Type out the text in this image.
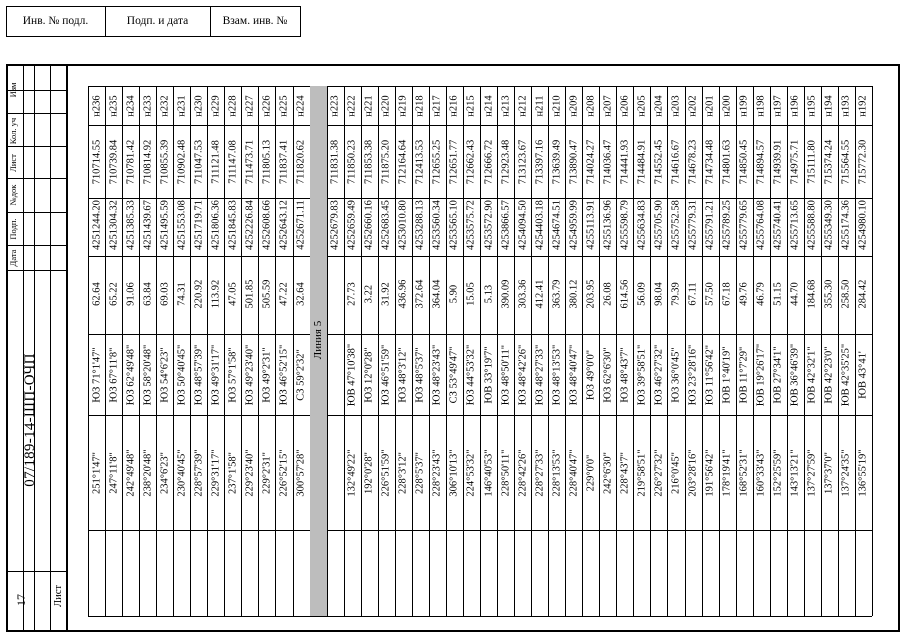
Инв. № подл.	Подп. и дата	Взам. инв. №
Изм
Кол. уч
Лист
№док
Подп.
Дата
07/189-14-ШП-ОЧП
Лист
17
н192
715772.30
4254980.10
284.42
ЮВ 43°41'
136°55'19"
н193
715564.55
4255174.36
258.50
ЮВ 42°35'25"
137°24'35"
н194
715374.24
4255349.30
355.30
ЮВ 42°23'0"
137°37'0"
н195
715111.80
4255588.80
184.68
ЮВ 42°32'1"
137°27'59"
н196
714975.71
4255713.65
44.70
ЮВ 36°46'39"
143°13'21"
н197
714939.91
4255740.41
51.15
ЮВ 27°34'1"
152°25'59"
н198
714894.57
4255764.08
46.79
ЮВ 19°26'17"
160°33'43"
н199
714850.45
4255779.65
49.76
ЮВ 11°7'29"
168°52'31"
н200
714801.63
4255789.25
67.18
ЮВ 1°40'19"
178°19'41"
н201
714734.48
4255791.21
57.50
ЮЗ 11°56'42"
191°56'42"
н202
714678.23
4255779.31
67.11
ЮЗ 23°28'16"
203°28'16"
н203
714616.67
4255752.58
79.39
ЮЗ 36°0'45"
216°0'45"
н204
714552.45
4255705.90
98.04
ЮЗ 46°27'32"
226°27'32"
н205
714484.91
4255634.83
56.09
ЮЗ 39°58'51"
219°58'51"
н206
714441.93
4255598.79
614.56
ЮЗ 48°43'7"
228°43'7"
н207
714036.47
4255136.96
26.08
ЮЗ 62°6'30"
242°6'30"
н208
714024.27
4255113.91
203.95
ЮЗ 49°0'0"
229°0'0"
н209
713890.47
4254959.99
380.12
ЮЗ 48°40'47"
228°40'47"
н210
713639.49
4254674.51
363.79
ЮЗ 48°13'53"
228°13'53"
н211
713397.16
4254403.18
412.41
ЮЗ 48°27'33"
228°27'33"
н212
713123.67
4254094.50
303.36
ЮЗ 48°42'26"
228°42'26"
н213
712923.48
4253866.57
390.09
ЮЗ 48°50'11"
228°50'11"
н214
712666.72
4253572.90
5.13
ЮВ 33°19'7"
146°40'53"
н215
712662.43
4253575.72
15.05
ЮЗ 44°53'32"
224°53'32"
н216
712651.77
4253565.10
5.90
СЗ 53°49'47"
306°10'13"
н217
712655.25
4253560.34
364.04
ЮЗ 48°23'43"
228°23'43"
н218
712413.53
4253288.13
372.64
ЮЗ 48°5'37"
228°5'37"
н219
712164.64
4253010.80
436.96
ЮЗ 48°3'12"
228°3'12"
н220
711875.20
4252683.45
31.92
ЮЗ 46°51'59"
226°51'59"
н221
711853.38
4252660.16
3.22
ЮЗ 12°0'28"
192°0'28"
н222
711850.23
4252659.49
27.73
ЮВ 47°10'38"
132°49'22"
н223
711831.38
4252679.83
Линия 5
н224
711820.62
4252671.11
32.64
СЗ 59°2'32"
300°57'28"
н225
711837.41
4252643.12
47.22
ЮЗ 46°52'15"
226°52'15"
н226
711805.13
4252608.66
505.59
ЮЗ 49°2'31"
229°2'31"
н227
711473.71
4252226.84
501.85
ЮЗ 49°23'40"
229°23'40"
н228
711147.08
4251845.83
47.05
ЮЗ 57°1'58"
237°1'58"
н229
711121.48
4251806.36
113.92
ЮЗ 49°31'17"
229°31'17"
н230
711047.53
4251719.71
220.92
ЮЗ 48°57'39"
228°57'39"
н231
710902.48
4251553.08
74.31
ЮЗ 50°40'45"
230°40'45"
н232
710855.39
4251495.59
69.03
ЮЗ 54°6'23"
234°6'23"
н233
710814.92
4251439.67
63.84
ЮЗ 58°20'48"
238°20'48"
н234
710781.42
4251385.33
91.06
ЮЗ 62°49'48"
242°49'48"
н235
710739.84
4251304.32
65.22
ЮЗ 67°11'8"
247°11'8"
н236
710714.55
4251244.20
62.64
ЮЗ 71°1'47"
251°1'47"
